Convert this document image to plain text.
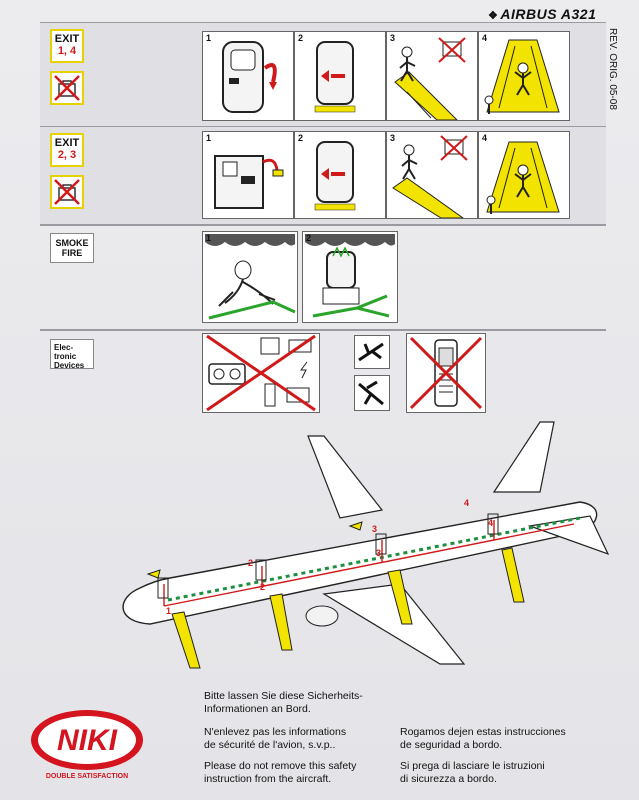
❖ AIRBUS A321
REV. ORIG. 05-08
EXIT
1, 4
1	2	3	4
EXIT
2, 3
1	2	3	4
SMOKE
FIRE
1	2
Elec-
tronic
Devices
1
2
2
3
3
4
4
NIKI
DOUBLE SATISFACTION

Bitte lassen Sie diese Sicherheits-

Informationen an Bord.

N'enlevez pas les informations

de sécurité de l'avion, s.v.p..

Please do not remove this safety

instruction from the aircraft.

Rogamos dejen estas instrucciones

de seguridad a bordo.

Si prega di lasciare le istruzioni

di sicurezza a bordo.
